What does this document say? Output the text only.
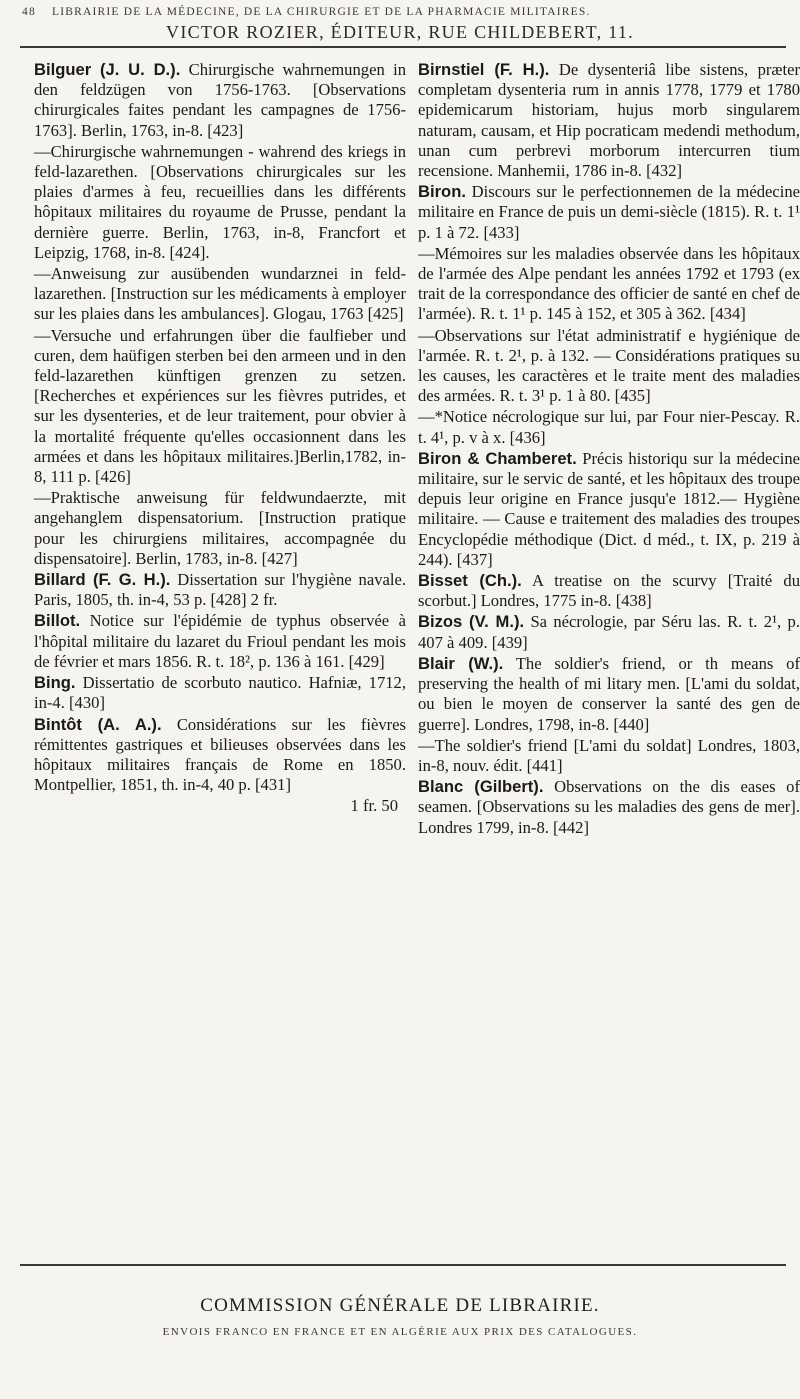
48 LIBRAIRIE DE LA MÉDECINE, DE LA CHIRURGIE ET DE LA PHARMACIE MILITAIRES.
VICTOR ROZIER, ÉDITEUR, RUE CHILDEBERT, 11.
Bilguer (J. U. D.). Chirurgische wahrnemungen in den feldzügen von 1756-1763. [Observations chirurgicales faites pendant les campagnes de 1756-1763]. Berlin, 1763, in-8. [423]
—Chirurgische wahrnemungen - wahrend des kriegs in feld-lazarethen. [Observations chirurgicales sur les plaies d'armes à feu, recueillies dans les différents hôpitaux militaires du royaume de Prusse, pendant la dernière guerre. Berlin, 1763, in-8, Francfort et Leipzig, 1768, in-8. [424].
—Anweisung zur ausübenden wundarznei in feld-lazarethen. [Instruction sur les médicaments à employer sur les plaies dans les ambulances]. Glogau, 1763 [425]
—Versuche und erfahrungen über die faulfieber und curen, dem haüfigen sterben bei den armeen und in den feld-lazarethen künftigen grenzen zu setzen. [Recherches et expériences sur les fièvres putrides, et sur les dysenteries, et de leur traitement, pour obvier à la mortalité fréquente qu'elles occasionnent dans les armées et dans les hôpitaux militaires.]Berlin,1782, in-8, 111 p. [426]
—Praktische anweisung für feldwundaerzte, mit angehanglem dispensatorium. [Instruction pratique pour les chirurgiens militaires, accompagnée du dispensatoire]. Berlin, 1783, in-8. [427]
Billard (F. G. H.). Dissertation sur l'hygiène navale. Paris, 1805, th. in-4, 53 p. [428] 2 fr.
Billot. Notice sur l'épidémie de typhus observée à l'hôpital militaire du lazaret du Frioul pendant les mois de février et mars 1856. R. t. 18², p. 136 à 161. [429]
Bing. Dissertatio de scorbuto nautico. Hafniæ, 1712, in-4. [430]
Bintôt (A. A.). Considérations sur les fièvres rémittentes gastriques et bilieuses observées dans les hôpitaux militaires français de Rome en 1850. Montpellier, 1851, th. in-4, 40 p. [431]
1 fr. 50
Birnstiel (F. H.). De dysenteriâ libe sistens, præter completam dysenteria rum in annis 1778, 1779 et 1780 epidemicarum historiam, hujus morb singularem naturam, causam, et Hip pocraticam medendi methodum, unan cum perbrevi morborum intercurren tium recensione. Manhemii, 1786 in-8. [432]
Biron. Discours sur le perfectionnemen de la médecine militaire en France de puis un demi-siècle (1815). R. t. 1¹ p. 1 à 72. [433]
—Mémoires sur les maladies observée dans les hôpitaux de l'armée des Alpe pendant les années 1792 et 1793 (ex trait de la correspondance des officier de santé en chef de l'armée). R. t. 1¹ p. 145 à 152, et 305 à 362. [434]
—Observations sur l'état administratif e hygiénique de l'armée. R. t. 2¹, p. à 132. — Considérations pratiques su les causes, les caractères et le traite ment des maladies des armées. R. t. 3¹ p. 1 à 80. [435]
—*Notice nécrologique sur lui, par Four nier-Pescay. R. t. 4¹, p. v à x. [436]
Biron & Chamberet. Précis historiqu sur la médecine militaire, sur le servic de santé, et les hôpitaux des troupe depuis leur origine en France jusqu'e 1812.— Hygiène militaire. — Cause e traitement des maladies des troupes Encyclopédie méthodique (Dict. d méd., t. IX, p. 219 à 244). [437]
Bisset (Ch.). A treatise on the scurvy [Traité du scorbut.] Londres, 1775 in-8. [438]
Bizos (V. M.). Sa nécrologie, par Séru las. R. t. 2¹, p. 407 à 409. [439]
Blair (W.). The soldier's friend, or th means of preserving the health of mi litary men. [L'ami du soldat, ou bien le moyen de conserver la santé des gen de guerre]. Londres, 1798, in-8. [440]
—The soldier's friend [L'ami du soldat] Londres, 1803, in-8, nouv. édit. [441]
Blanc (Gilbert). Observations on the dis eases of seamen. [Observations su les maladies des gens de mer]. Londres 1799, in-8. [442]
COMMISSION GÉNÉRALE DE LIBRAIRIE.
ENVOIS FRANCO EN FRANCE ET EN ALGÉRIE AUX PRIX DES CATALOGUES.
